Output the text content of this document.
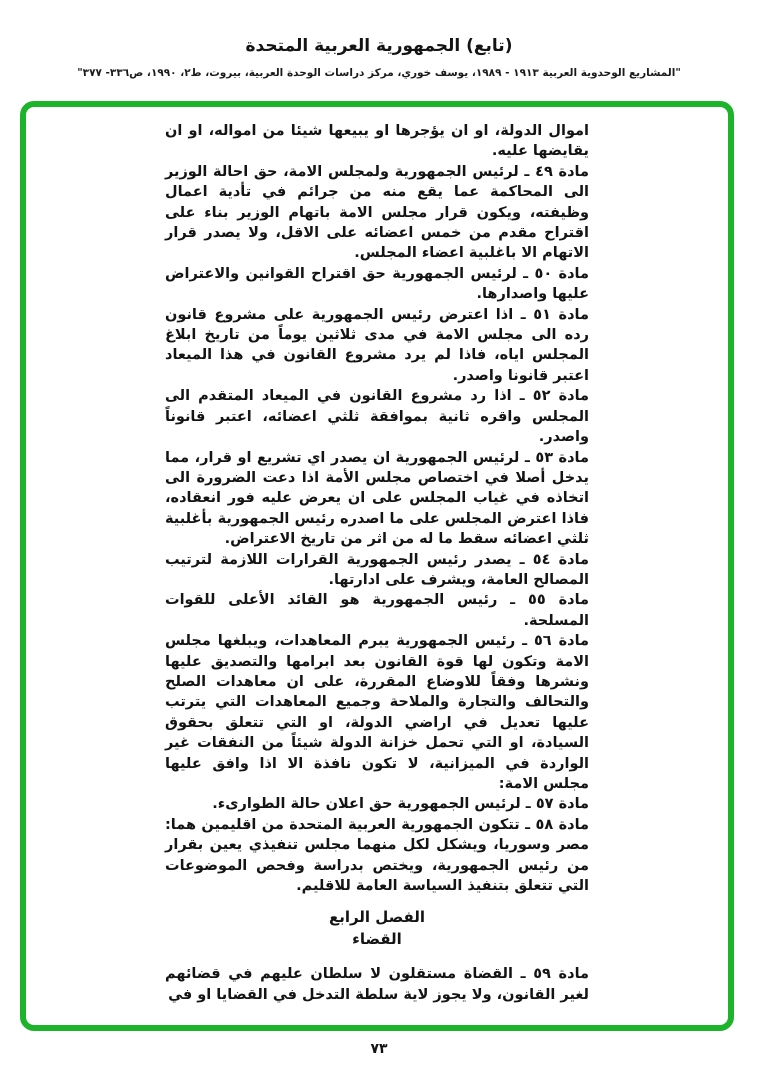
(تابع) الجمهورية العربية المتحدة
"المشاريع الوحدوية العربية ١٩١٣ - ١٩٨٩، يوسف خوري، مركز دراسات الوحدة العربية، بيروت، ط٢، ١٩٩٠، ص٣٣٦- ٣٧٧"

اموال الدولة، او ان يؤجرها او يبيعها شيئا من امواله، او ان يقايضها عليه.

مادة ٤٩ ـ لرئيس الجمهورية ولمجلس الامة، حق احالة الوزير الى المحاكمة عما يقع منه من جرائم في تأدية اعمال وظيفته، ويكون قرار مجلس الامة باتهام الوزير بناء على اقتراح مقدم من خمس اعضائه على الاقل، ولا يصدر قرار الاتهام الا باغلبية اعضاء المجلس.

مادة ٥٠ ـ لرئيس الجمهورية حق اقتراح القوانين والاعتراض عليها واصدارها.

مادة ٥١ ـ اذا اعترض رئيس الجمهورية على مشروع قانون رده الى مجلس الامة في مدى ثلاثين يوماً من تاريخ ابلاغ المجلس اياه، فاذا لم يرد مشروع القانون في هذا الميعاد اعتبر قانونا واصدر.

مادة ٥٢ ـ اذا رد مشروع القانون في الميعاد المتقدم الى المجلس واقره ثانية بموافقة ثلثي اعضائه، اعتبر قانوناً واصدر.

مادة ٥٣ ـ لرئيس الجمهورية ان يصدر اي تشريع او قرار، مما يدخل أصلا في اختصاص مجلس الأمة اذا دعت الضرورة الى اتخاذه في غياب المجلس على ان يعرض عليه فور انعقاده، فاذا اعترض المجلس على ما اصدره رئيس الجمهورية بأغلبية ثلثي اعضائه سقط ما له من اثر من تاريخ الاعتراض.

مادة ٥٤ ـ يصدر رئيس الجمهورية القرارات اللازمة لترتيب المصالح العامة، ويشرف على ادارتها.

مادة ٥٥ ـ رئيس الجمهورية هو القائد الأعلى للقوات المسلحة.

مادة ٥٦ ـ رئيس الجمهورية يبرم المعاهدات، ويبلغها مجلس الامة وتكون لها قوة القانون بعد ابرامها والتصديق عليها ونشرها وفقاً للاوضاع المقررة، على ان معاهدات الصلح والتحالف والتجارة والملاحة وجميع المعاهدات التي يترتب عليها تعديل في اراضي الدولة، او التي تتعلق بحقوق السيادة، او التي تحمل خزانة الدولة شيئاً من النفقات غير الواردة في الميزانية، لا تكون نافذة الا اذا وافق عليها مجلس الامة:

مادة ٥٧ ـ لرئيس الجمهورية حق اعلان حالة الطوارىء.

مادة ٥٨ ـ تتكون الجمهورية العربية المتحدة من اقليمين هما: مصر وسوريا، ويشكل لكل منهما مجلس تنفيذي يعين بقرار من رئيس الجمهورية، ويختص بدراسة وفحص الموضوعات التي تتعلق بتنفيذ السياسة العامة للاقليم.

الفصل الرابع
القضاء

مادة ٥٩ ـ القضاة مستقلون لا سلطان عليهم في قضائهم لغير القانون، ولا يجوز لاية سلطة التدخل في القضايا او في

٧٣
